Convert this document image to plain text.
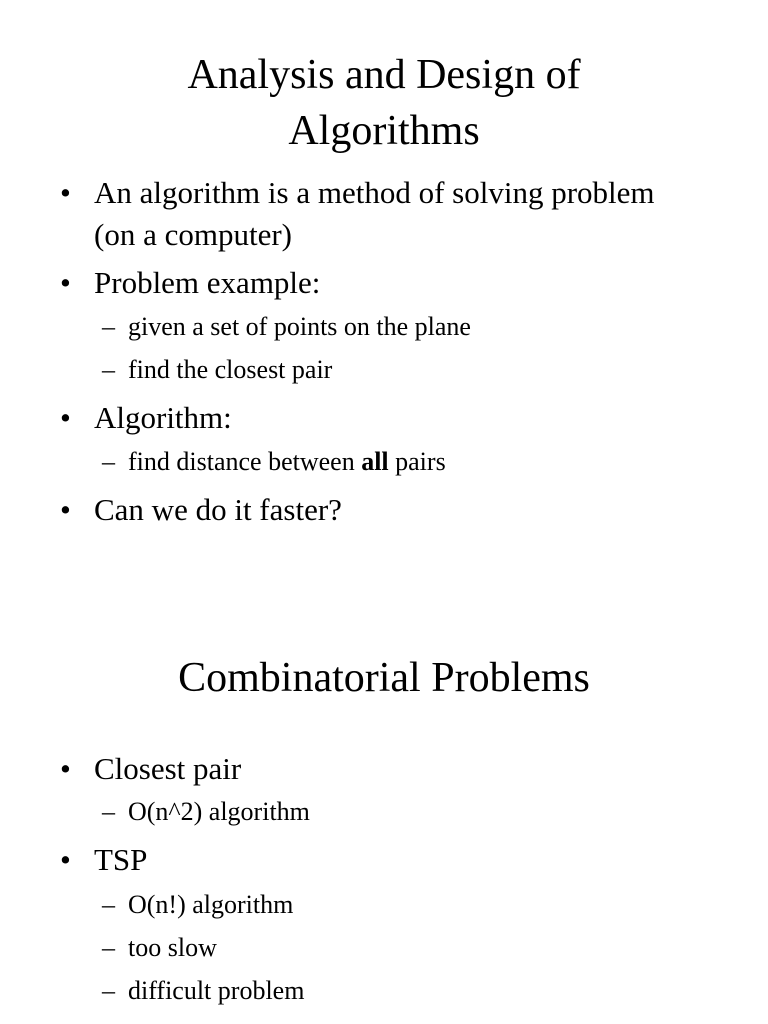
Analysis and Design of
Algorithms
• An algorithm is a method of solving problem (on a computer)
• Problem example:
– given a set of points on the plane
– find the closest pair
• Algorithm:
– find distance between all pairs
• Can we do it faster?
Combinatorial Problems
• Closest pair
– O(n^2) algorithm
• TSP
– O(n!) algorithm
– too slow
– difficult problem
